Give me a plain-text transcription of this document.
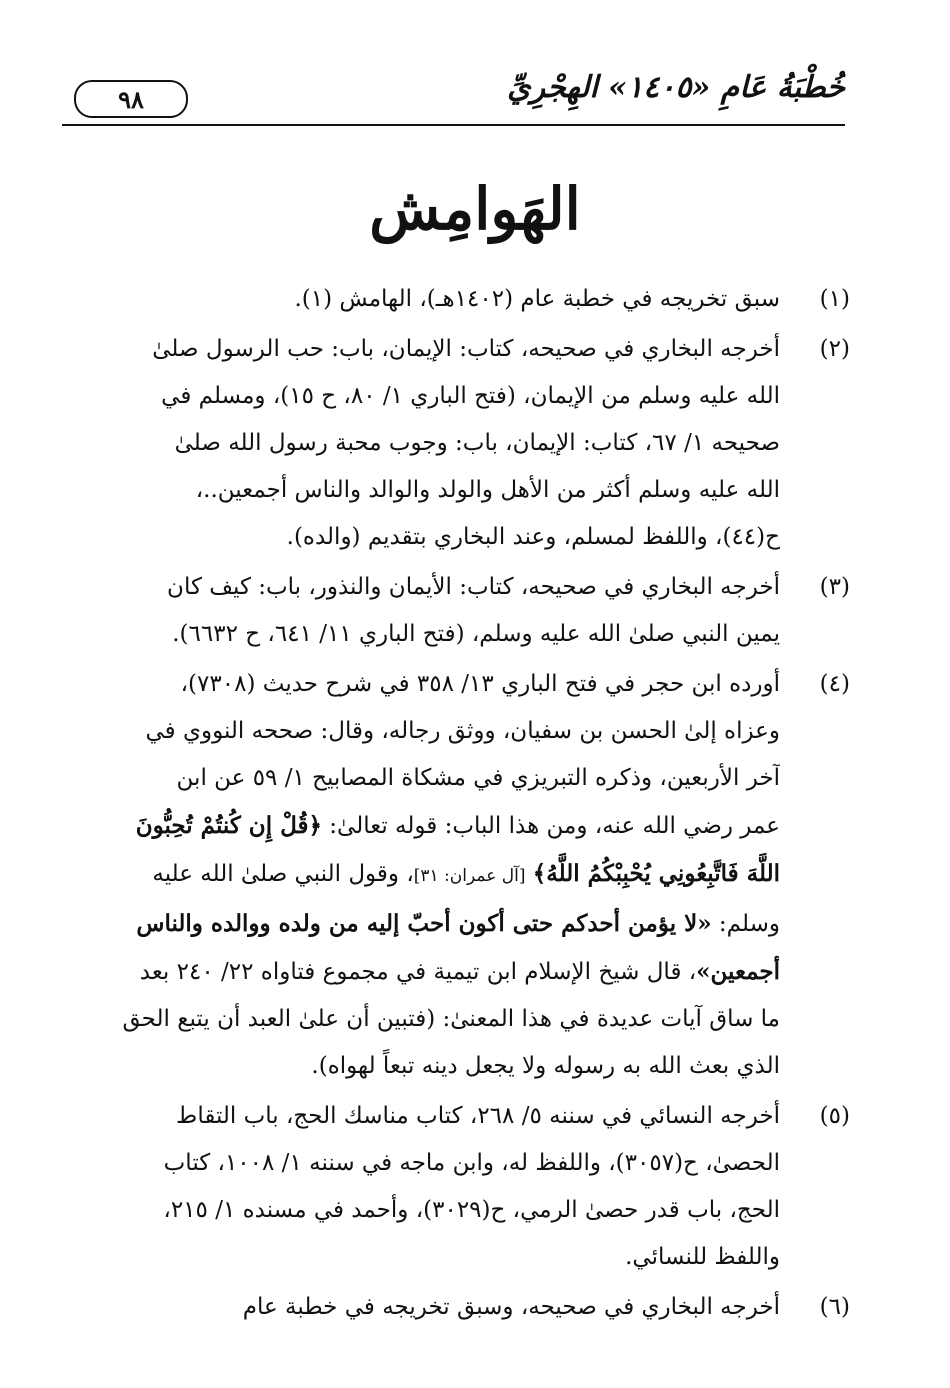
خُطْبَةُ عَامِ «١٤٠٥» الهِجْرِيِّ
٩٨
الهَوامِش
(١)
سبق تخريجه في خطبة عام (١٤٠٢هـ)، الهامش (١).
(٢)
أخرجه البخاري في صحيحه، كتاب: الإيمان، باب: حب الرسول صلىٰ
الله عليه وسلم من الإيمان، (فتح الباري ١/ ٨٠، ح ١٥)، ومسلم في
صحيحه ١/ ٦٧، كتاب: الإيمان، باب: وجوب محبة رسول الله صلىٰ
الله عليه وسلم أكثر من الأهل والولد والوالد والناس أجمعين..،
ح(٤٤)، واللفظ لمسلم، وعند البخاري بتقديم (والده).
(٣)
أخرجه البخاري في صحيحه، كتاب: الأيمان والنذور، باب: كيف كان
يمين النبي صلىٰ الله عليه وسلم، (فتح الباري ١١/ ٦٤١، ح ٦٦٣٢).
(٤)
أورده ابن حجر في فتح الباري ١٣/ ٣٥٨ في شرح حديث (٧٣٠٨)،
وعزاه إلىٰ الحسن بن سفيان، ووثق رجاله، وقال: صححه النووي في
آخر الأربعين، وذكره التبريزي في مشكاة المصابيح ١/ ٥٩ عن ابن
عمر رضي الله عنه، ومن هذا الباب: قوله تعالىٰ: ﴿قُلْ إِن كُنتُمْ تُحِبُّونَ
اللَّهَ فَاتَّبِعُونِي يُحْبِبْكُمُ اللَّهُ﴾ [آل عمران: ٣١]، وقول النبي صلىٰ الله عليه
وسلم: «لا يؤمن أحدكم حتى أكون أحبّ إليه من ولده ووالده والناس
أجمعين»، قال شيخ الإسلام ابن تيمية في مجموع فتاواه ٢٢/ ٢٤٠ بعد
ما ساق آيات عديدة في هذا المعنىٰ: (فتبين أن علىٰ العبد أن يتبع الحق
الذي بعث الله به رسوله ولا يجعل دينه تبعاً لهواه).
(٥)
أخرجه النسائي في سننه ٥/ ٢٦٨، كتاب مناسك الحج، باب التقاط
الحصىٰ، ح(٣٠٥٧)، واللفظ له، وابن ماجه في سننه ١/ ١٠٠٨، كتاب
الحج، باب قدر حصىٰ الرمي، ح(٣٠٢٩)، وأحمد في مسنده ١/ ٢١٥،
واللفظ للنسائي.
(٦)
أخرجه البخاري في صحيحه، وسبق تخريجه في خطبة عام
